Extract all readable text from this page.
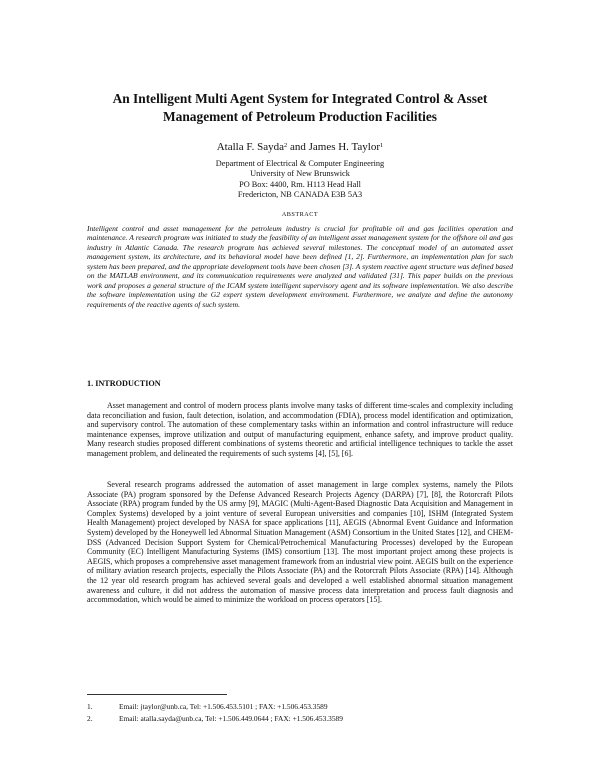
An Intelligent Multi Agent System for Integrated Control & Asset
Management of Petroleum Production Facilities
Atalla F. Sayda$^2$ and James H. Taylor$^1$
Department of Electrical & Computer Engineering
University of New Brunswick
PO Box: 4400, Rm. H113 Head Hall
Fredericton, NB CANADA E3B 5A3
ABSTRACT

Intelligent control and asset management for the petroleum industry is crucial for profitable oil and gas facilities operation and maintenance. A research program was initiated to study the feasibility of an intelligent asset management system for the offshore oil and gas industry in Atlantic Canada. The research program has achieved several milestones. The conceptual model of an automated asset management system, its architecture, and its behavioral model have been defined [1, 2]. Furthermore, an implementation plan for such system has been prepared, and the appropriate development tools have been chosen [3]. A system reactive agent structure was defined based on the MATLAB environment, and its communication requirements were analyzed and validated [31]. This paper builds on the previous work and proposes a general structure of the ICAM system intelligent supervisory agent and its software implementation. We also describe the software implementation using the G2 expert system development environment. Furthermore, we analyze and define the autonomy requirements of the reactive agents of such system.

1. INTRODUCTION

Asset management and control of modern process plants involve many tasks of different time-scales and complexity including data reconciliation and fusion, fault detection, isolation, and accommodation (FDIA), process model identification and optimization, and supervisory control. The automation of these complementary tasks within an information and control infrastructure will reduce maintenance expenses, improve utilization and output of manufacturing equipment, enhance safety, and improve product quality. Many research studies proposed different combinations of systems theoretic and artificial intelligence techniques to tackle the asset management problem, and delineated the requirements of such systems [4], [5], [6].

Several research programs addressed the automation of asset management in large complex systems, namely the Pilots Associate (PA) program sponsored by the Defense Advanced Research Projects Agency (DARPA) [7], [8], the Rotorcraft Pilots Associate (RPA) program funded by the US army [9], MAGIC (Multi-Agent-Based Diagnostic Data Acquisition and Management in Complex Systems) developed by a joint venture of several European universities and companies [10], ISHM (Integrated System Health Management) project developed by NASA for space applications [11], AEGIS (Abnormal Event Guidance and Information System) developed by the Honeywell led Abnormal Situation Management (ASM) Consortium in the United States [12], and CHEM-DSS (Advanced Decision Support System for Chemical/Petrochemical Manufacturing Processes) developed by the European Community (EC) Intelligent Manufacturing Systems (IMS) consortium [13]. The most important project among these projects is AEGIS, which proposes a comprehensive asset management framework from an industrial view point. AEGIS built on the experience of military aviation research projects, especially the Pilots Associate (PA) and the Rotorcraft Pilots Associate (RPA) [14]. Although the 12 year old research program has achieved several goals and developed a well established abnormal situation management awareness and culture, it did not address the automation of massive process data interpretation and process fault diagnosis and accommodation, which would be aimed to minimize the workload on process operators [15].

1.	Email: jtaylor@unb.ca, Tel: +1.506.453.5101 ; FAX: +1.506.453.3589
2.	Email: atalla.sayda@unb.ca, Tel: +1.506.449.0644 ; FAX: +1.506.453.3589
